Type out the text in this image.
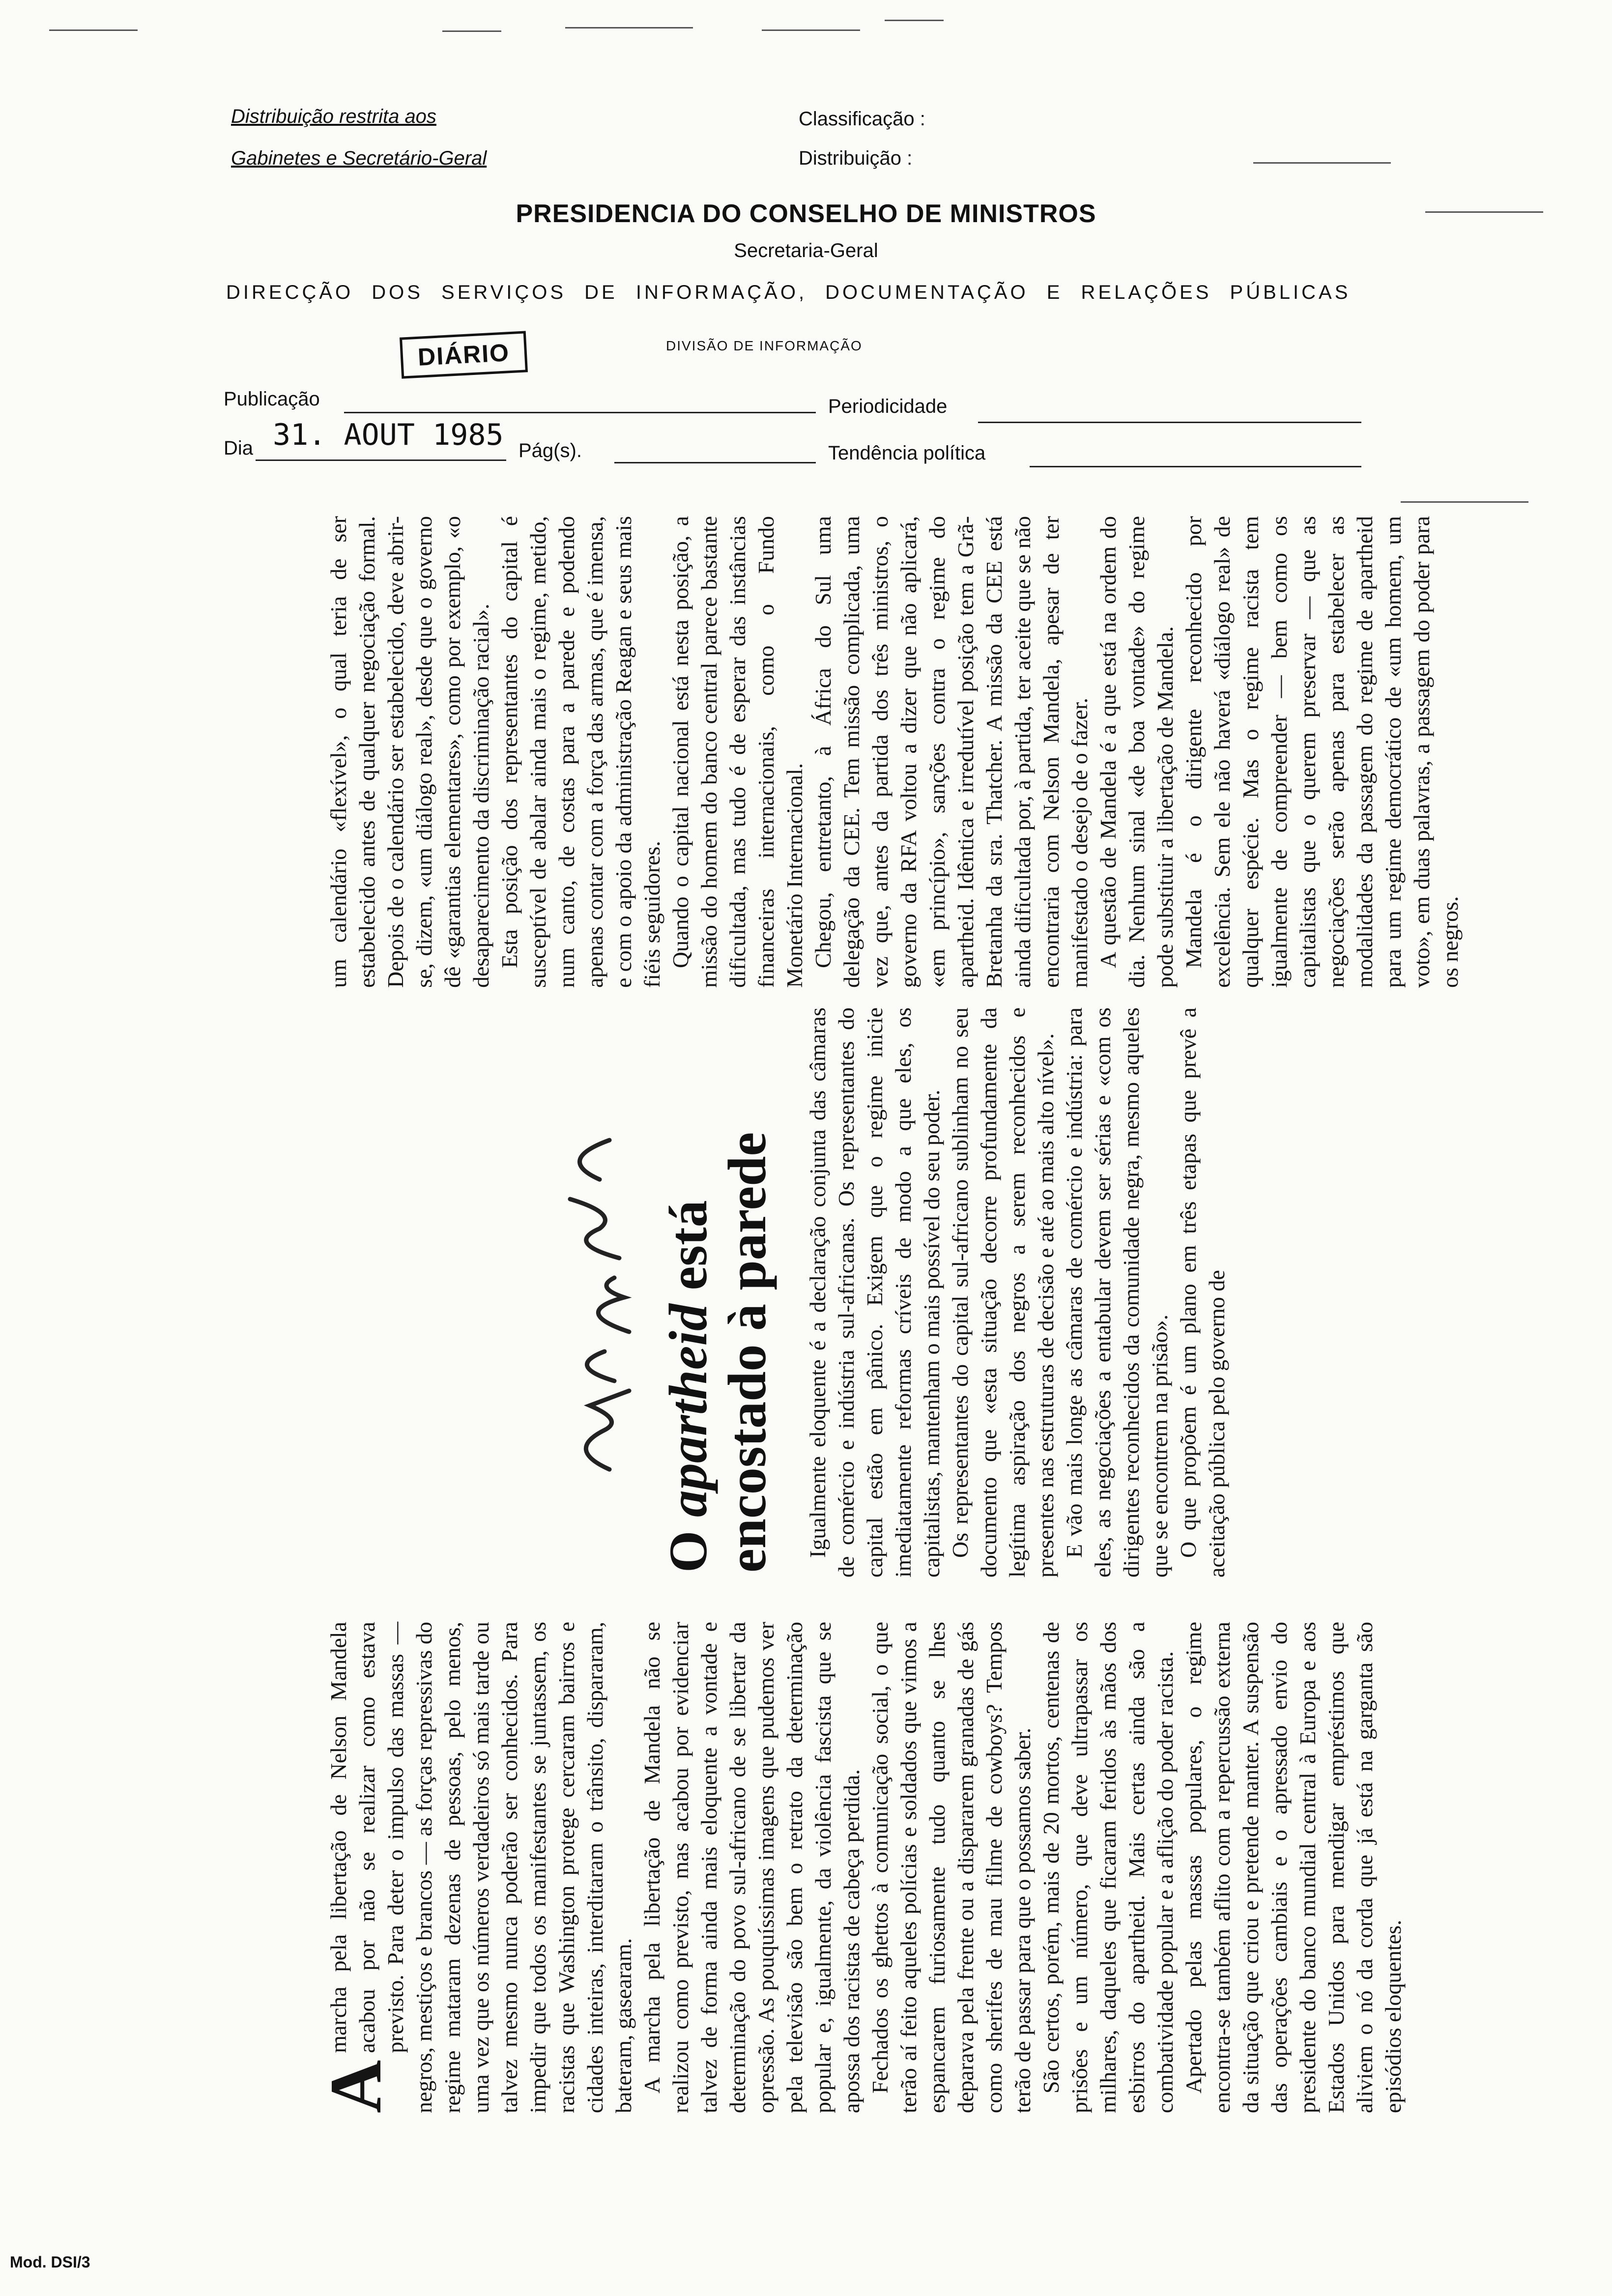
Distribuição restrita aos
Gabinetes e Secretário-Geral
Classificação :
Distribuição :
PRESIDENCIA DO CONSELHO DE MINISTROS
Secretaria-Geral
DIRECÇÃO DOS SERVIÇOS DE INFORMAÇÃO, DOCUMENTAÇÃO E RELAÇÕES PÚBLICAS
DIÁRIO	DIVISÃO DE INFORMAÇÃO
Publicação	Periodicidade
Dia 31. AOUT 1985 Pág(s).	Tendência política

A
marcha pela libertação de Nelson Mandela acabou por não se realizar como estava previsto. Para deter o impulso das massas — negros, mestiços e brancos — as forças repressivas do regime mataram dezenas de pessoas, pelo menos, uma vez que os números verdadeiros só mais tarde ou talvez mesmo nunca poderão ser conhecidos. Para impedir que todos os manifestantes se juntassem, os racistas que Washington protege cercaram bairros e cidades inteiras, interditaram o trânsito, dispararam, bateram, gasearam. A marcha pela libertação de Mandela não se realizou como previsto, mas acabou por evidenciar talvez de forma ainda mais eloquente a vontade e determinação do povo sul-africano de se libertar da opressão. As pouquíssimas imagens que pudemos ver pela televisão são bem o retrato da determinação popular e, igualmente, da violência fascista que se apossa dos racistas de cabeça perdida. Fechados os ghettos à comunicação social, o que terão aí feito aqueles polícias e soldados que vimos a espancarem furiosamente tudo quanto se lhes deparava pela frente ou a dispararem granadas de gás como sherifes de mau filme de cowboys? Tempos terão de passar para que o possamos saber. São certos, porém, mais de 20 mortos, centenas de prisões e um número, que deve ultrapassar os milhares, daqueles que ficaram feridos às mãos dos esbirros do apartheid. Mais certas ainda são a combatividade popular e a aflição do poder racista. Apertado pelas massas populares, o regime encontra-se também aflito com a repercussão externa da situação que criou e pretende manter. A suspensão das operações cambiais e o apressado envio do presidente do banco mundial central à Europa e aos Estados Unidos para mendigar empréstimos que aliviem o nó da corda que já está na garganta são episódios eloquentes.

O apartheid está
encostado à parede Igualmente eloquente é a declaração conjunta das câmaras de comércio e indústria sul-africanas. Os representantes do capital estão em pânico. Exigem que o regime inicie imediatamente reformas críveis de modo a que eles, os capitalistas, mantenham o mais possível do seu poder. Os representantes do capital sul-africano sublinham no seu documento que «esta situação decorre profundamente da legítima aspiração dos negros a serem reconhecidos e presentes nas estruturas de decisão e até ao mais alto nível». E vão mais longe as câmaras de comércio e indústria: para eles, as negociações a entabular devem ser sérias e «com os dirigentes reconhecidos da comunidade negra, mesmo aqueles que se encontrem na prisão». O que propõem é um plano em três etapas que prevê a aceitação pública pelo governo de

um calendário «flexível», o qual teria de ser estabelecido antes de qualquer negociação formal. Depois de o calendário ser estabelecido, deve abrir-se, dizem, «um diálogo real», desde que o governo dê «garantias elementares», como por exemplo, «o desaparecimento da discriminação racial». Esta posição dos representantes do capital é susceptível de abalar ainda mais o regime, metido, num canto, de costas para a parede e podendo apenas contar com a força das armas, que é imensa, e com o apoio da administração Reagan e seus mais fiéis seguidores. Quando o capital nacional está nesta posição, a missão do homem do banco central parece bastante dificultada, mas tudo é de esperar das instâncias financeiras internacionais, como o Fundo Monetário Internacional. Chegou, entretanto, à África do Sul uma delegação da CEE. Tem missão complicada, uma vez que, antes da partida dos três ministros, o governo da RFA voltou a dizer que não aplicará, «em princípio», sanções contra o regime do apartheid. Idêntica e irredutível posição tem a Grã-Bretanha da sra. Thatcher. A missão da CEE está ainda dificultada por, à partida, ter aceite que se não encontraria com Nelson Mandela, apesar de ter manifestado o desejo de o fazer. A questão de Mandela é a que está na ordem do dia. Nenhum sinal «de boa vontade» do regime pode substituir a libertação de Mandela. Mandela é o dirigente reconhecido por excelência. Sem ele não haverá «diálogo real» de qualquer espécie. Mas o regime racista tem igualmente de compreender — bem como os capitalistas que o querem preservar — que as negociações serão apenas para estabelecer as modalidades da passagem do regime de apartheid para um regime democrático de «um homem, um voto», em duas palavras, a passagem do poder para os negros.

Mod. DSI/3
